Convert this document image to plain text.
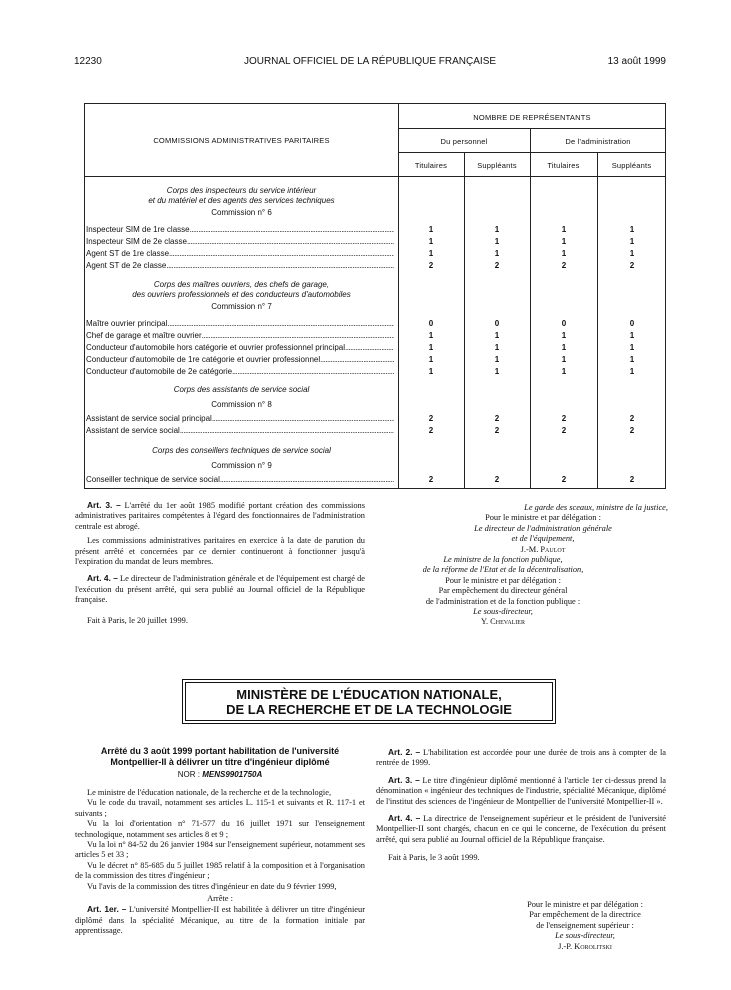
12230	JOURNAL OFFICIEL DE LA RÉPUBLIQUE FRANÇAISE	13 août 1999
COMMISSIONS ADMINISTRATIVES PARITAIRES
NOMBRE DE REPRÉSENTANTS
Du personnel	De l'administration
Titulaires	Suppléants	Titulaires	Suppléants
Corps des inspecteurs du service intérieur
et du matériel et des agents des services techniques
Commission n° 6
Inspecteur SIM de 1re classe .....	1	1	1	1
Inspecteur SIM de 2e classe .....	1	1	1	1
Agent ST de 1re classe .....	1	1	1	1
Agent ST de 2e classe .....	2	2	2	2
Corps des maîtres ouvriers, des chefs de garage,
des ouvriers professionnels et des conducteurs d'automobiles
Commission n° 7
Maître ouvrier principal .....	0	0	0	0
Chef de garage et maître ouvrier .....	1	1	1	1
Conducteur d'automobile hors catégorie et ouvrier professionnel principal .....	1	1	1	1
Conducteur d'automobile de 1re catégorie et ouvrier professionnel .....	1	1	1	1
Conducteur d'automobile de 2e catégorie .....	1	1	1	1
Corps des assistants de service social
Commission n° 8
Assistant de service social principal .....	2	2	2	2
Assistant de service social .....	2	2	2	2
Corps des conseillers techniques de service social
Commission n° 9
Conseiller technique de service social .....	2	2	2	2

Art. 3. – L'arrêté du 1er août 1985 modifié portant création des commissions administratives paritaires compétentes à l'égard des fonctionnaires de l'administration centrale est abrogé.

Les commissions administratives paritaires en exercice à la date de parution du présent arrêté et concernées par ce dernier continueront à fonctionner jusqu'à l'expiration du mandat de leurs membres.

Art. 4. – Le directeur de l'administration générale et de l'équipement est chargé de l'exécution du présent arrêté, qui sera publié au Journal officiel de la République française.

Fait à Paris, le 20 juillet 1999.

Le garde des sceaux, ministre de la justice,
Pour le ministre et par délégation :
Le directeur de l'administration générale
et de l'équipement,
J.-M. Paulot
Le ministre de la fonction publique,
de la réforme de l'Etat et de la décentralisation,
Pour le ministre et par délégation :
Par empêchement du directeur général
de l'administration et de la fonction publique :
Le sous-directeur,
Y. Chevalier
MINISTÈRE DE L'ÉDUCATION NATIONALE,
DE LA RECHERCHE ET DE LA TECHNOLOGIE
Arrêté du 3 août 1999 portant habilitation de l'université
Montpellier-II à délivrer un titre d'ingénieur diplômé
NOR : MENS9901750A

Le ministre de l'éducation nationale, de la recherche et de la technologie,

Vu le code du travail, notamment ses articles L. 115-1 et suivants et R. 117-1 et suivants ;

Vu la loi d'orientation n° 71-577 du 16 juillet 1971 sur l'enseignement technologique, notamment ses articles 8 et 9 ;

Vu la loi n° 84-52 du 26 janvier 1984 sur l'enseignement supérieur, notamment ses articles 5 et 33 ;

Vu le décret n° 85-685 du 5 juillet 1985 relatif à la composition et à l'organisation de la commission des titres d'ingénieur ;

Vu l'avis de la commission des titres d'ingénieur en date du 9 février 1999,

Arrête :

Art. 1er. – L'université Montpellier-II est habilitée à délivrer un titre d'ingénieur diplômé dans la spécialité Mécanique, au titre de la formation initiale par apprentissage.

Art. 2. – L'habilitation est accordée pour une durée de trois ans à compter de la rentrée de 1999.

Art. 3. – Le titre d'ingénieur diplômé mentionné à l'article 1er ci-dessus prend la dénomination « ingénieur des techniques de l'industrie, spécialité Mécanique, diplômé de l'institut des sciences de l'ingénieur de Montpellier de l'université Montpellier-II ».

Art. 4. – La directrice de l'enseignement supérieur et le président de l'université Montpellier-II sont chargés, chacun en ce qui le concerne, de l'exécution du présent arrêté, qui sera publié au Journal officiel de la République française.

Fait à Paris, le 3 août 1999.

Pour le ministre et par délégation :
Par empêchement de la directrice
de l'enseignement supérieur :
Le sous-directeur,
J.-P. Korolitski
